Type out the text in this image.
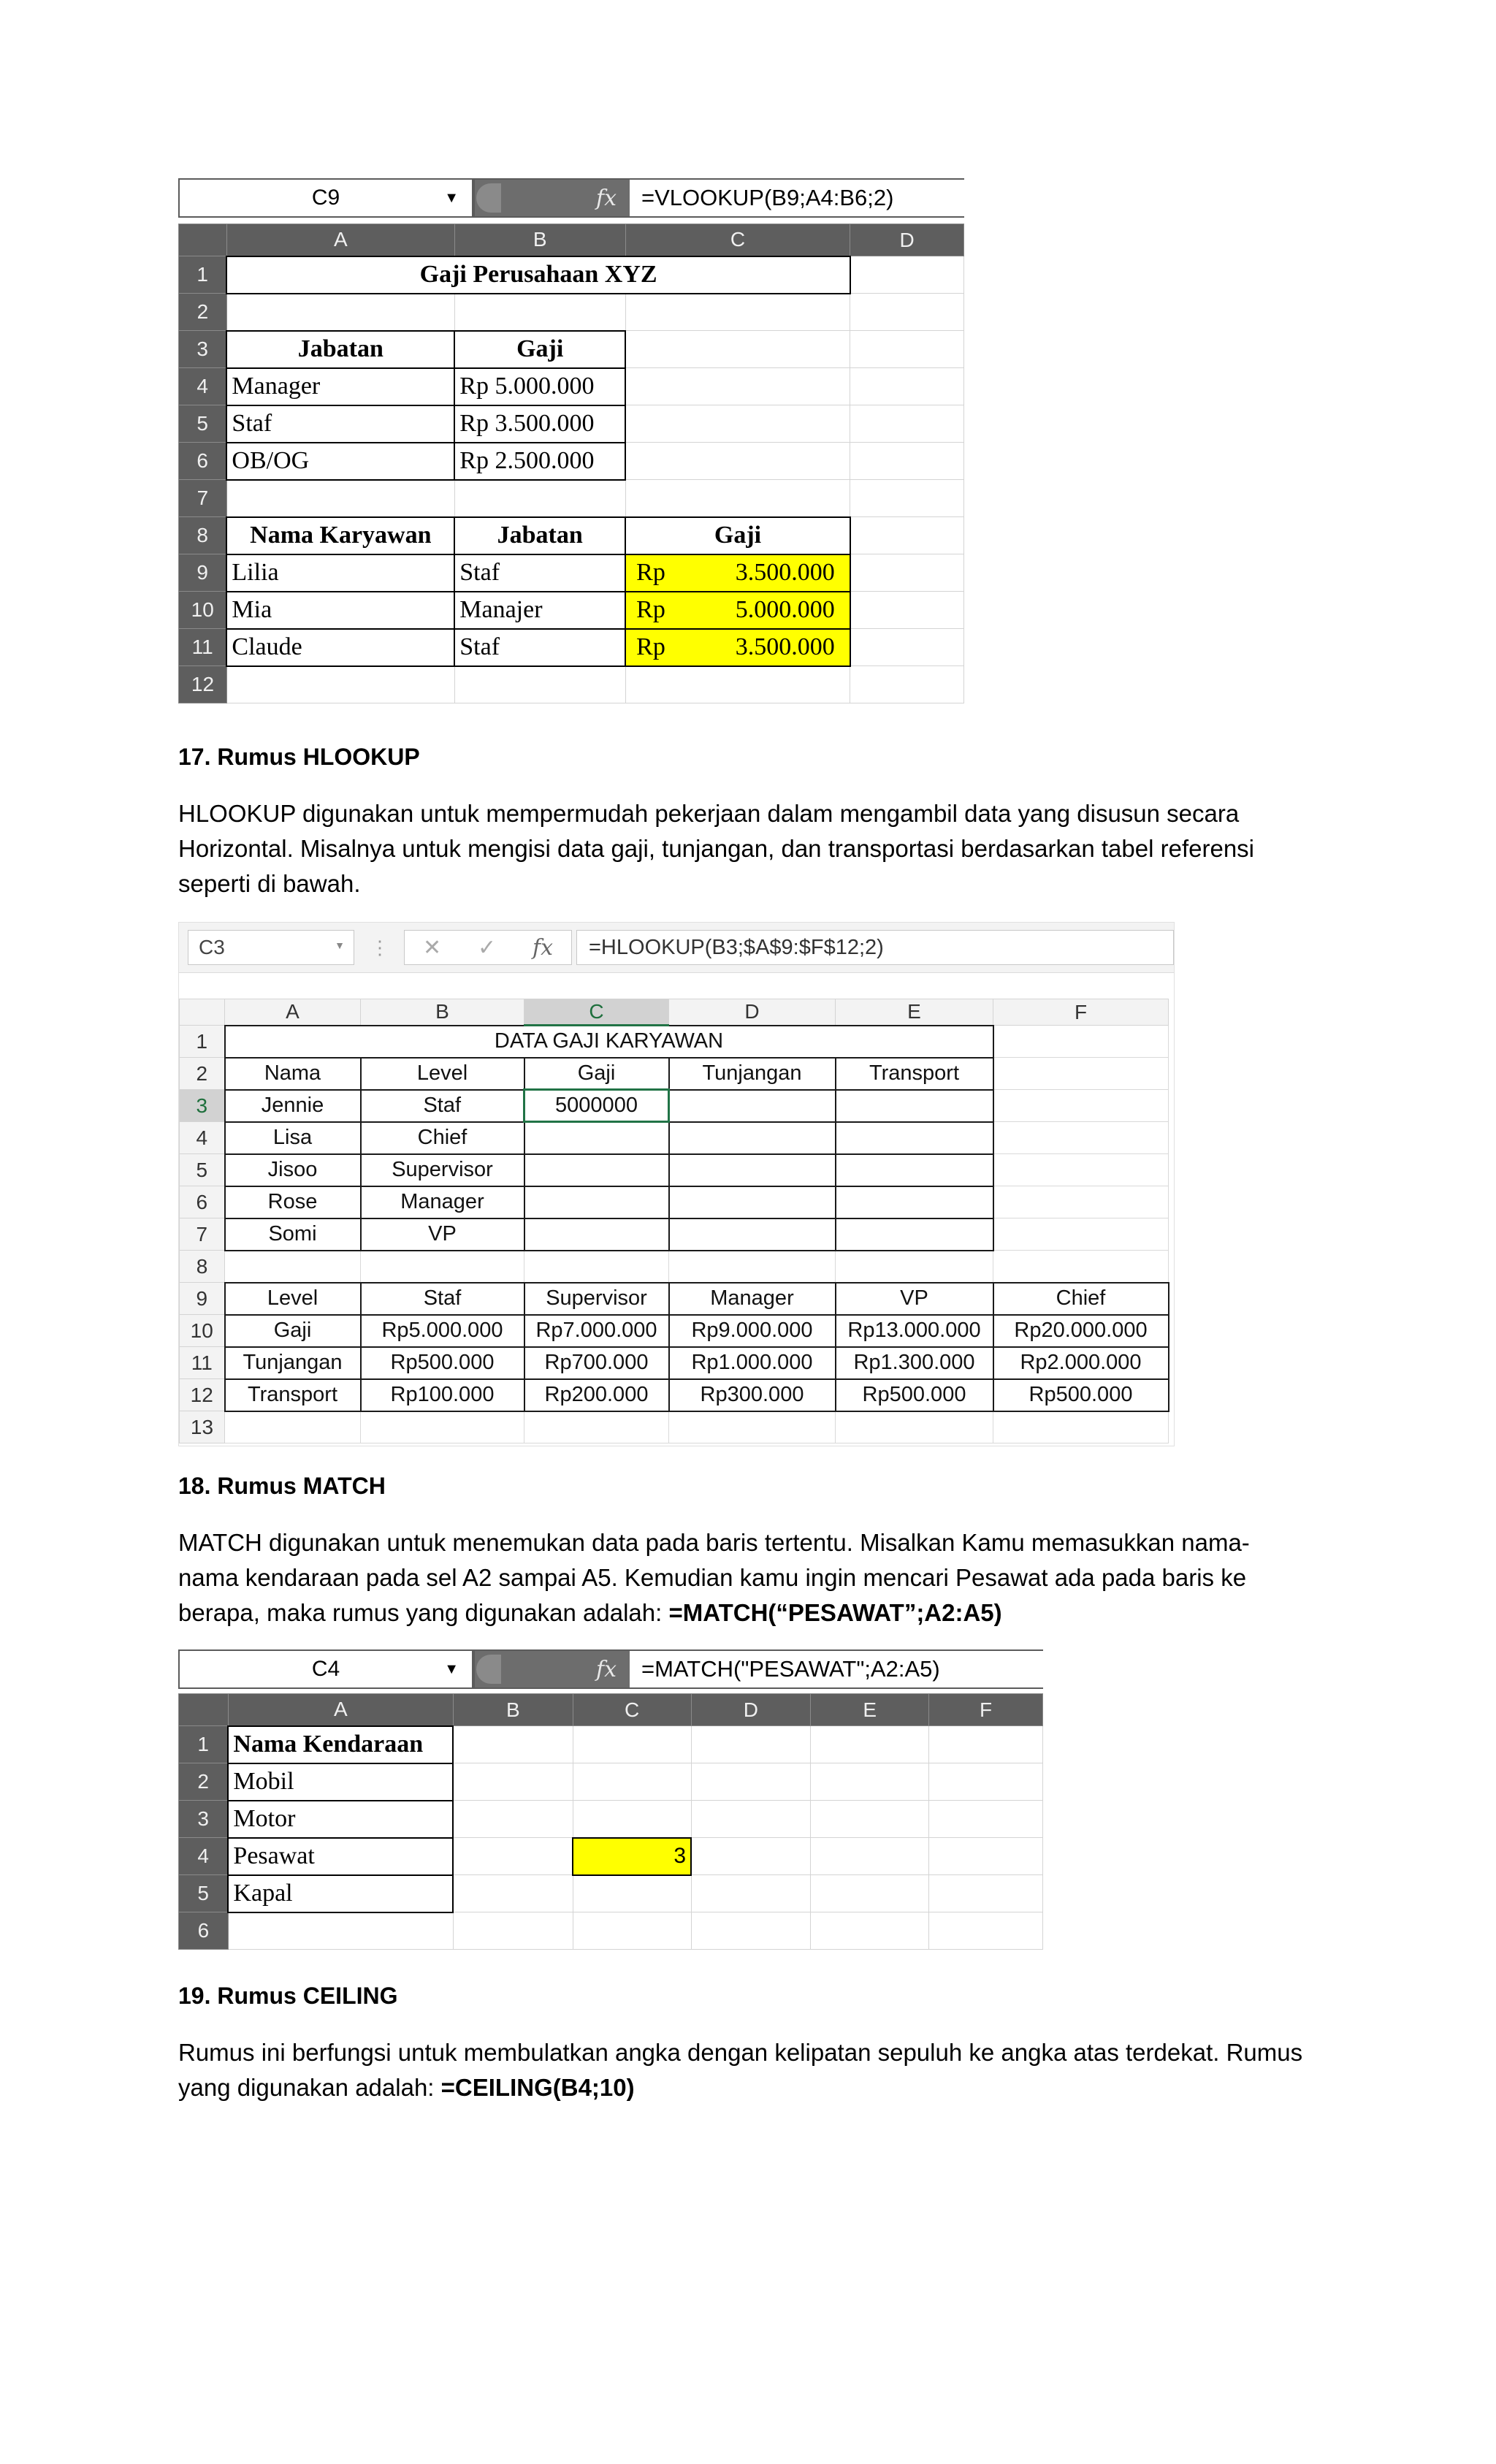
C9	▼	fx	=VLOOKUP(B9;A4:B6;2)
	A	B	C	D
1	Gaji Perusahaan XYZ			
2				
3	Jabatan	Gaji		
4	Manager	Rp 5.000.000		
5	Staf	Rp 3.500.000		
6	OB/OG	Rp 2.500.000		
7				
8	Nama Karyawan	Jabatan	Gaji	
9	Lilia	Staf	Rp 3.500.000	

10	Mia	Manajer	Rp 5.000.000	

11	Claude	Staf	Rp 3.500.000	

12				
17. Rumus HLOOKUP
HLOOKUP digunakan untuk mempermudah pekerjaan dalam mengambil data yang disusun secara
Horizontal. Misalnya untuk mengisi data gaji, tunjangan, dan transportasi berdasarkan tabel referensi
seperti di bawah.
C3	▼ ⋮ ✕ ✓ fx	=HLOOKUP(B3;$A$9:$F$12;2)
	A	B	C	D	E	F
1	DATA GAJI KARYAWAN					
2	Nama	Level	Gaji	Tunjangan	Transport	
3	Jennie	Staf	5000000			
4	Lisa	Chief				
5	Jisoo	Supervisor				
6	Rose	Manager				
7	Somi	VP				
8						
9	Level	Staf	Supervisor	Manager	VP	Chief
10	Gaji	Rp5.000.000	Rp7.000.000	Rp9.000.000	Rp13.000.000	Rp20.000.000
11	Tunjangan	Rp500.000	Rp700.000	Rp1.000.000	Rp1.300.000	Rp2.000.000
12	Transport	Rp100.000	Rp200.000	Rp300.000	Rp500.000	Rp500.000
13						
18. Rumus MATCH
MATCH digunakan untuk menemukan data pada baris tertentu. Misalkan Kamu memasukkan nama-
nama kendaraan pada sel A2 sampai A5. Kemudian kamu ingin mencari Pesawat ada pada baris ke
berapa, maka rumus yang digunakan adalah: =MATCH(“PESAWAT”;A2:A5)
C4	▼	fx	=MATCH("PESAWAT";A2:A5)
	A	B	C	D	E	F
1	Nama Kendaraan					
2	Mobil					
3	Motor					
4	Pesawat		3			
5	Kapal					
6						
19. Rumus CEILING
Rumus ini berfungsi untuk membulatkan angka dengan kelipatan sepuluh ke angka atas terdekat. Rumus
yang digunakan adalah: =CEILING(B4;10)
